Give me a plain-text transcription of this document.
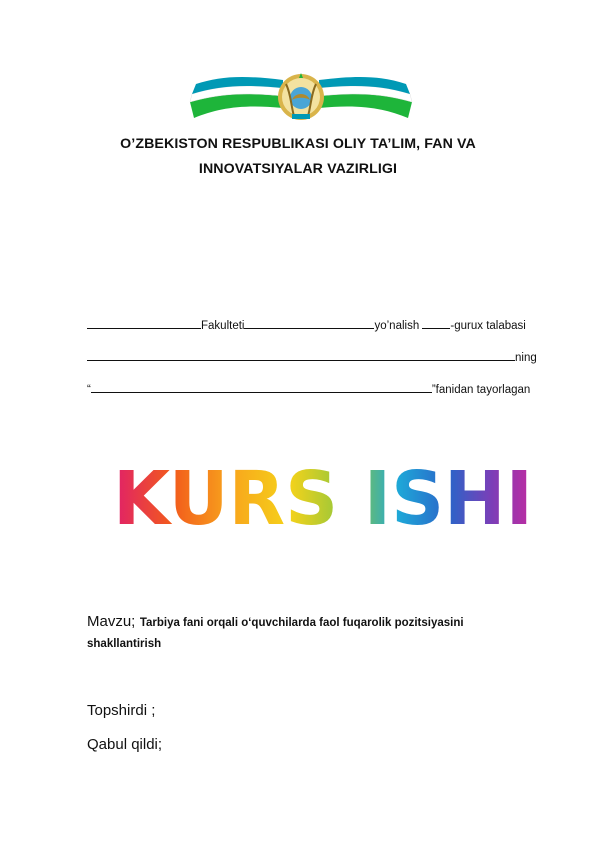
O’ZBEKISTON RESPUBLIKASI OLIY TA’LIM, FAN VA
INNOVATSIYALAR VAZIRLIGI
Fakulteti	yo’nalish	-gurux talabasi
ning
“	”fanidan tayorlagan
KURS ISHI
Mavzu; Tarbiya fani orqali o‘quvchilarda faol fuqarolik pozitsiyasini shakllantirish
Topshirdi ;
Qabul qildi;
